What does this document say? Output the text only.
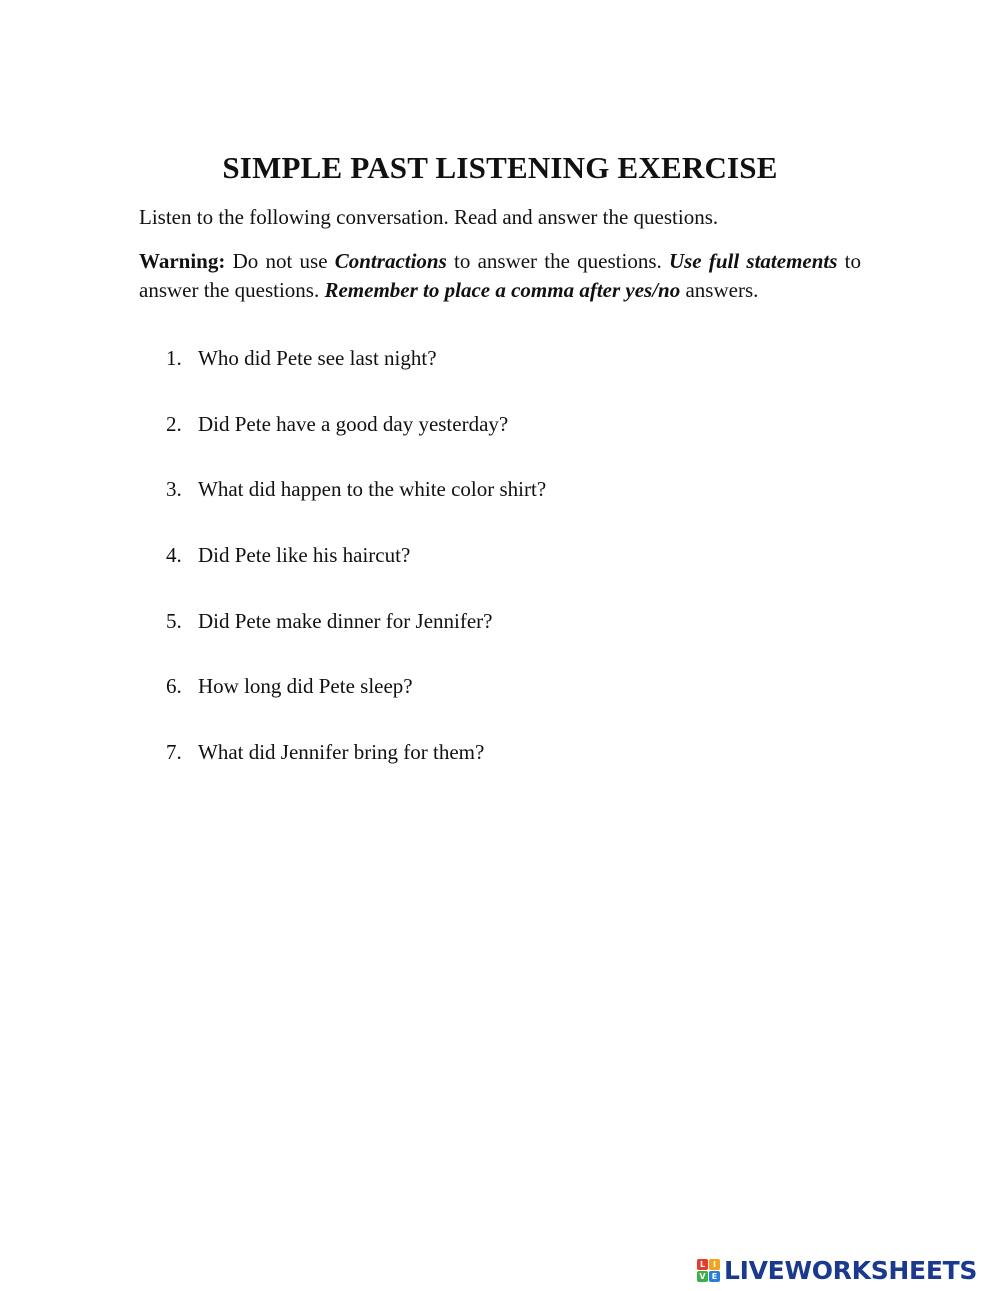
SIMPLE PAST LISTENING EXERCISE

Listen to the following conversation. Read and answer the questions.

Warning: Do not use Contractions to answer the questions. Use full statements to answer the questions. Remember to place a comma after yes/no answers.

1. Who did Pete see last night?
2. Did Pete have a good day yesterday?
3. What did happen to the white color shirt?
4. Did Pete like his haircut?
5. Did Pete make dinner for Jennifer?
6. How long did Pete sleep?
7. What did Jennifer bring for them?
L I
V E LIVEWORKSHEETS
